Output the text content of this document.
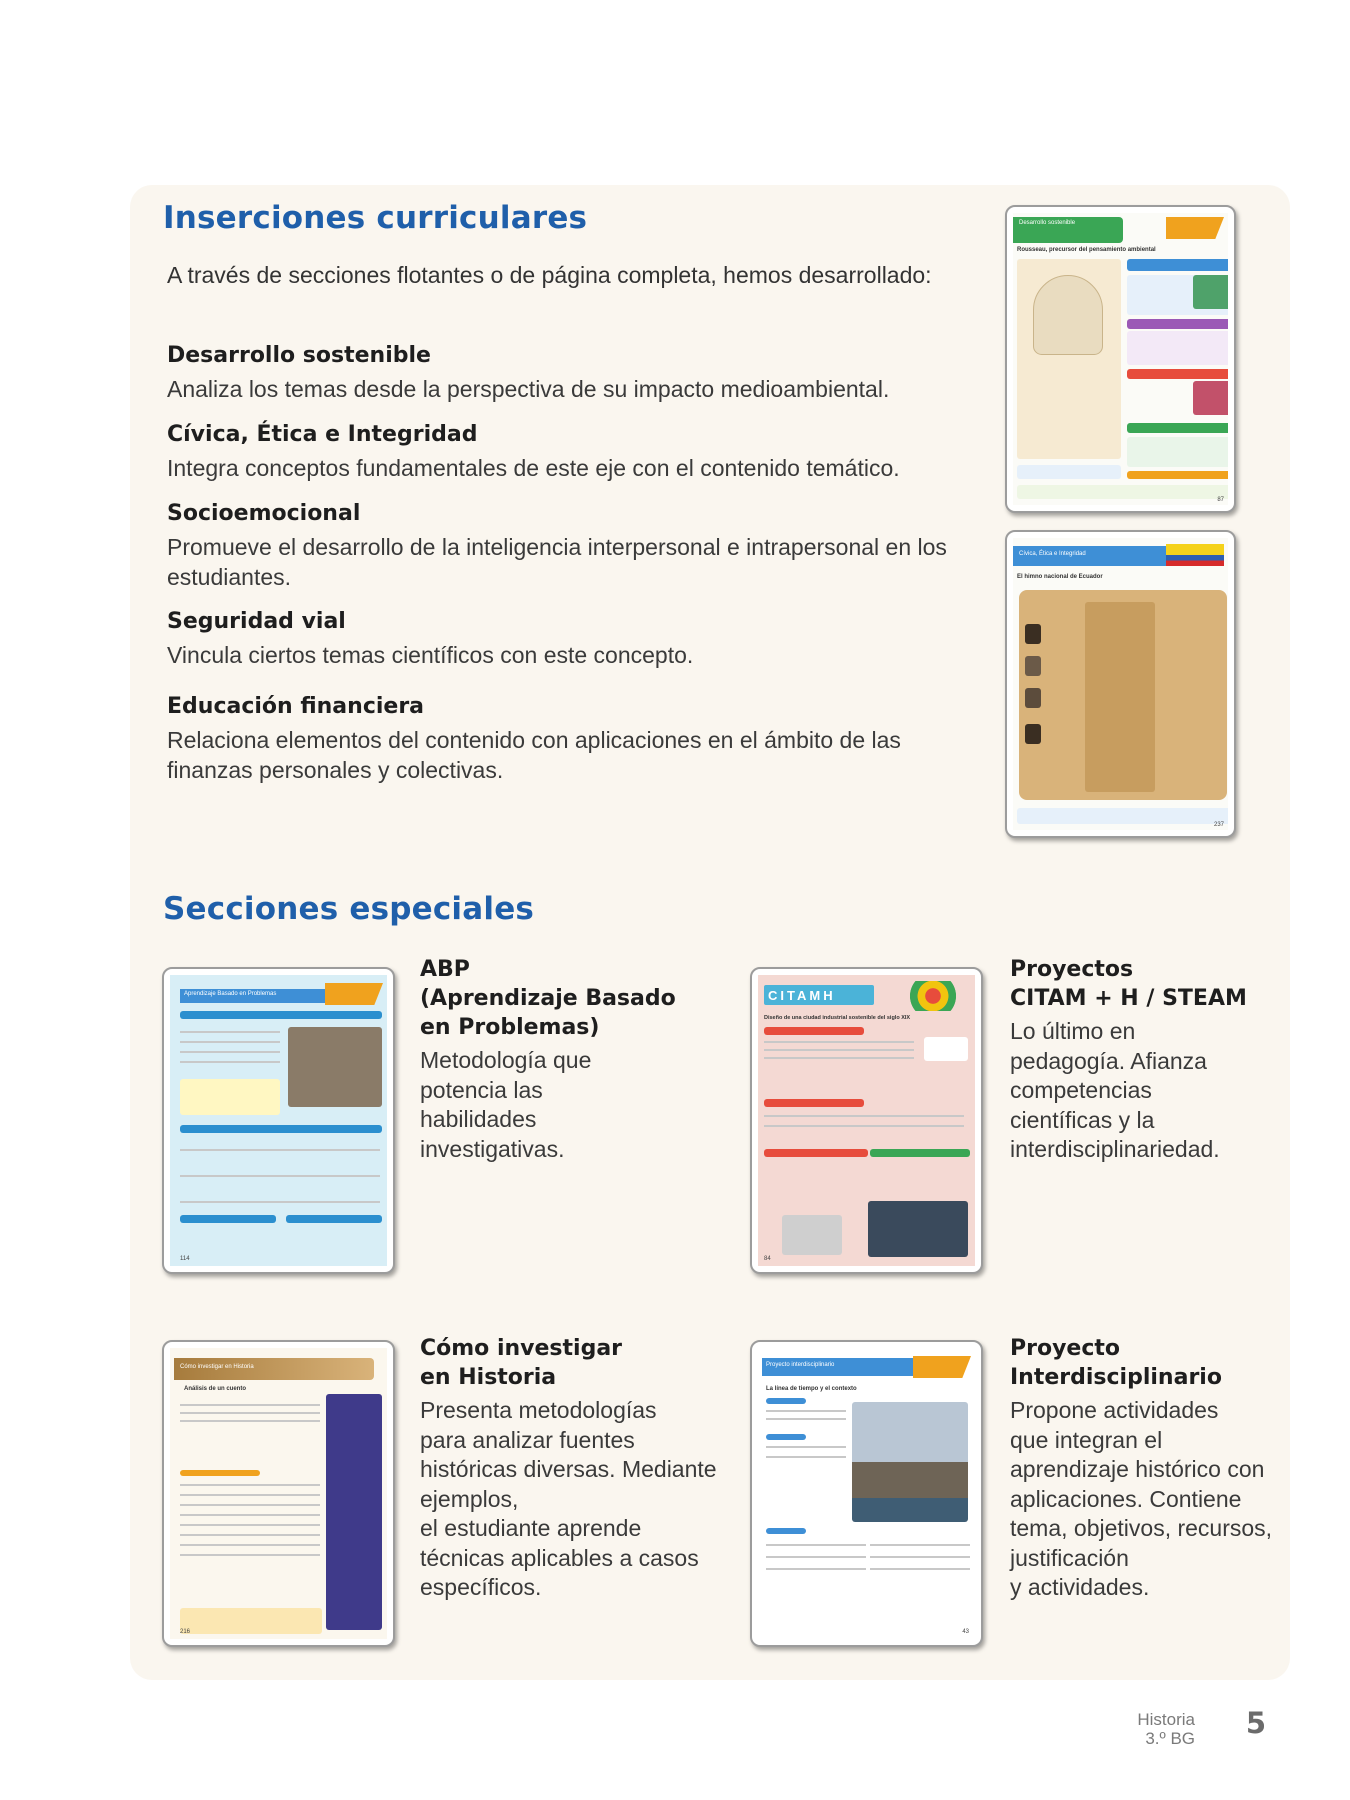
Inserciones curriculares

A través de secciones flotantes o de página completa, hemos desarrollado:

Desarrollo sostenible
Analiza los temas desde la perspectiva de su impacto medioambiental.
Cívica, Ética e Integridad
Integra conceptos fundamentales de este eje con el contenido temático.
Socioemocional
Promueve el desarrollo de la inteligencia interpersonal e intrapersonal en los estudiantes.
Seguridad vial
Vincula ciertos temas científicos con este concepto.
Educación financiera
Relaciona elementos del contenido con aplicaciones en el ámbito de las finanzas personales y colectivas.
Desarrollo sostenible
Rousseau, precursor del pensamiento ambiental
87
Cívica, Ética e Integridad
El himno nacional de Ecuador
237
Secciones especiales
Aprendizaje Basado en Problemas
114
ABP
(Aprendizaje Basado
en Problemas)
Metodología que
potencia las
habilidades
investigativas.
CITAMH
Diseño de una ciudad industrial sostenible del siglo XIX
84
Proyectos
CITAM + H / STEAM
Lo último en
pedagogía. Afianza
competencias
científicas y la
interdisciplinariedad.
Cómo investigar en Historia
Análisis de un cuento
216
Cómo investigar
en Historia
Presenta metodologías
para analizar fuentes
históricas diversas. Mediante
ejemplos,
el estudiante aprende
técnicas aplicables a casos
específicos.
Proyecto interdisciplinario
La línea de tiempo y el contexto
43
Proyecto
Interdisciplinario
Propone actividades
que integran el
aprendizaje histórico con
aplicaciones. Contiene
tema, objetivos, recursos,
justificación
y actividades.
Historia
3.º BG 5
